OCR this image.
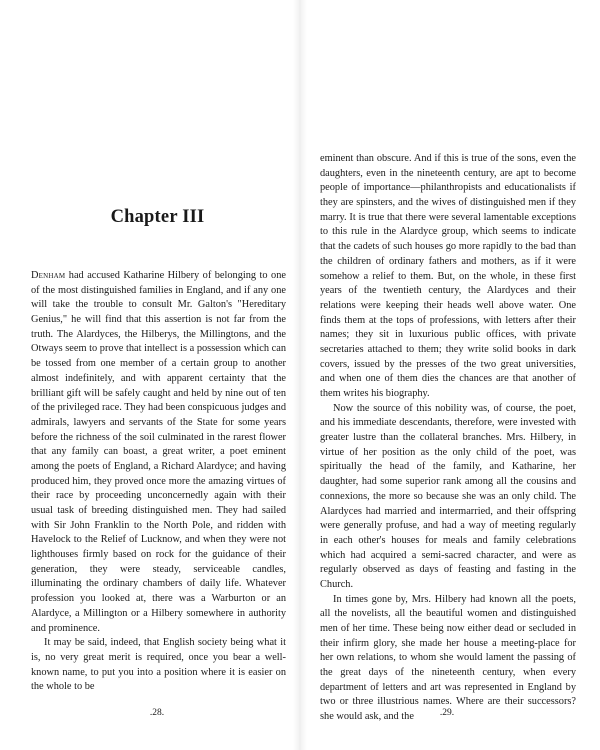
Chapter III

Denham had accused Katharine Hilbery of belonging to one of the most distinguished families in England, and if any one will take the trouble to consult Mr. Galton's "Hereditary Genius," he will find that this assertion is not far from the truth. The Alardyces, the Hilberys, the Millingtons, and the Otways seem to prove that intellect is a possession which can be tossed from one member of a certain group to another almost indefinitely, and with apparent certainty that the brilliant gift will be safely caught and held by nine out of ten of the privileged race. They had been conspicuous judges and admirals, lawyers and servants of the State for some years before the richness of the soil culminated in the rarest flower that any family can boast, a great writer, a poet eminent among the poets of England, a Richard Alardyce; and having produced him, they proved once more the amazing virtues of their race by proceeding unconcernedly again with their usual task of breeding distinguished men. They had sailed with Sir John Franklin to the North Pole, and ridden with Havelock to the Relief of Lucknow, and when they were not lighthouses firmly based on rock for the guidance of their generation, they were steady, serviceable candles, illuminating the ordinary chambers of daily life. Whatever profession you looked at, there was a Warburton or an Alardyce, a Millington or a Hilbery somewhere in authority and prominence.

It may be said, indeed, that English society being what it is, no very great merit is required, once you bear a well-known name, to put you into a position where it is easier on the whole to be

.28.

eminent than obscure. And if this is true of the sons, even the daughters, even in the nineteenth century, are apt to become people of importance—philanthropists and educationalists if they are spinsters, and the wives of distinguished men if they marry. It is true that there were several lamentable exceptions to this rule in the Alardyce group, which seems to indicate that the cadets of such houses go more rapidly to the bad than the children of ordinary fathers and mothers, as if it were somehow a relief to them. But, on the whole, in these first years of the twentieth century, the Alardyces and their relations were keeping their heads well above water. One finds them at the tops of professions, with letters after their names; they sit in luxurious public offices, with private secretaries attached to them; they write solid books in dark covers, issued by the presses of the two great universities, and when one of them dies the chances are that another of them writes his biography.

Now the source of this nobility was, of course, the poet, and his immediate descendants, therefore, were invested with greater lustre than the collateral branches. Mrs. Hilbery, in virtue of her position as the only child of the poet, was spiritually the head of the family, and Katharine, her daughter, had some superior rank among all the cousins and connexions, the more so because she was an only child. The Alardyces had married and intermarried, and their offspring were generally profuse, and had a way of meeting regularly in each other's houses for meals and family celebrations which had acquired a semi-sacred character, and were as regularly observed as days of feasting and fasting in the Church.

In times gone by, Mrs. Hilbery had known all the poets, all the novelists, all the beautiful women and distinguished men of her time. These being now either dead or secluded in their infirm glory, she made her house a meeting-place for her own relations, to whom she would lament the passing of the great days of the nineteenth century, when every department of letters and art was represented in England by two or three illustrious names. Where are their successors? she would ask, and the	.29.
